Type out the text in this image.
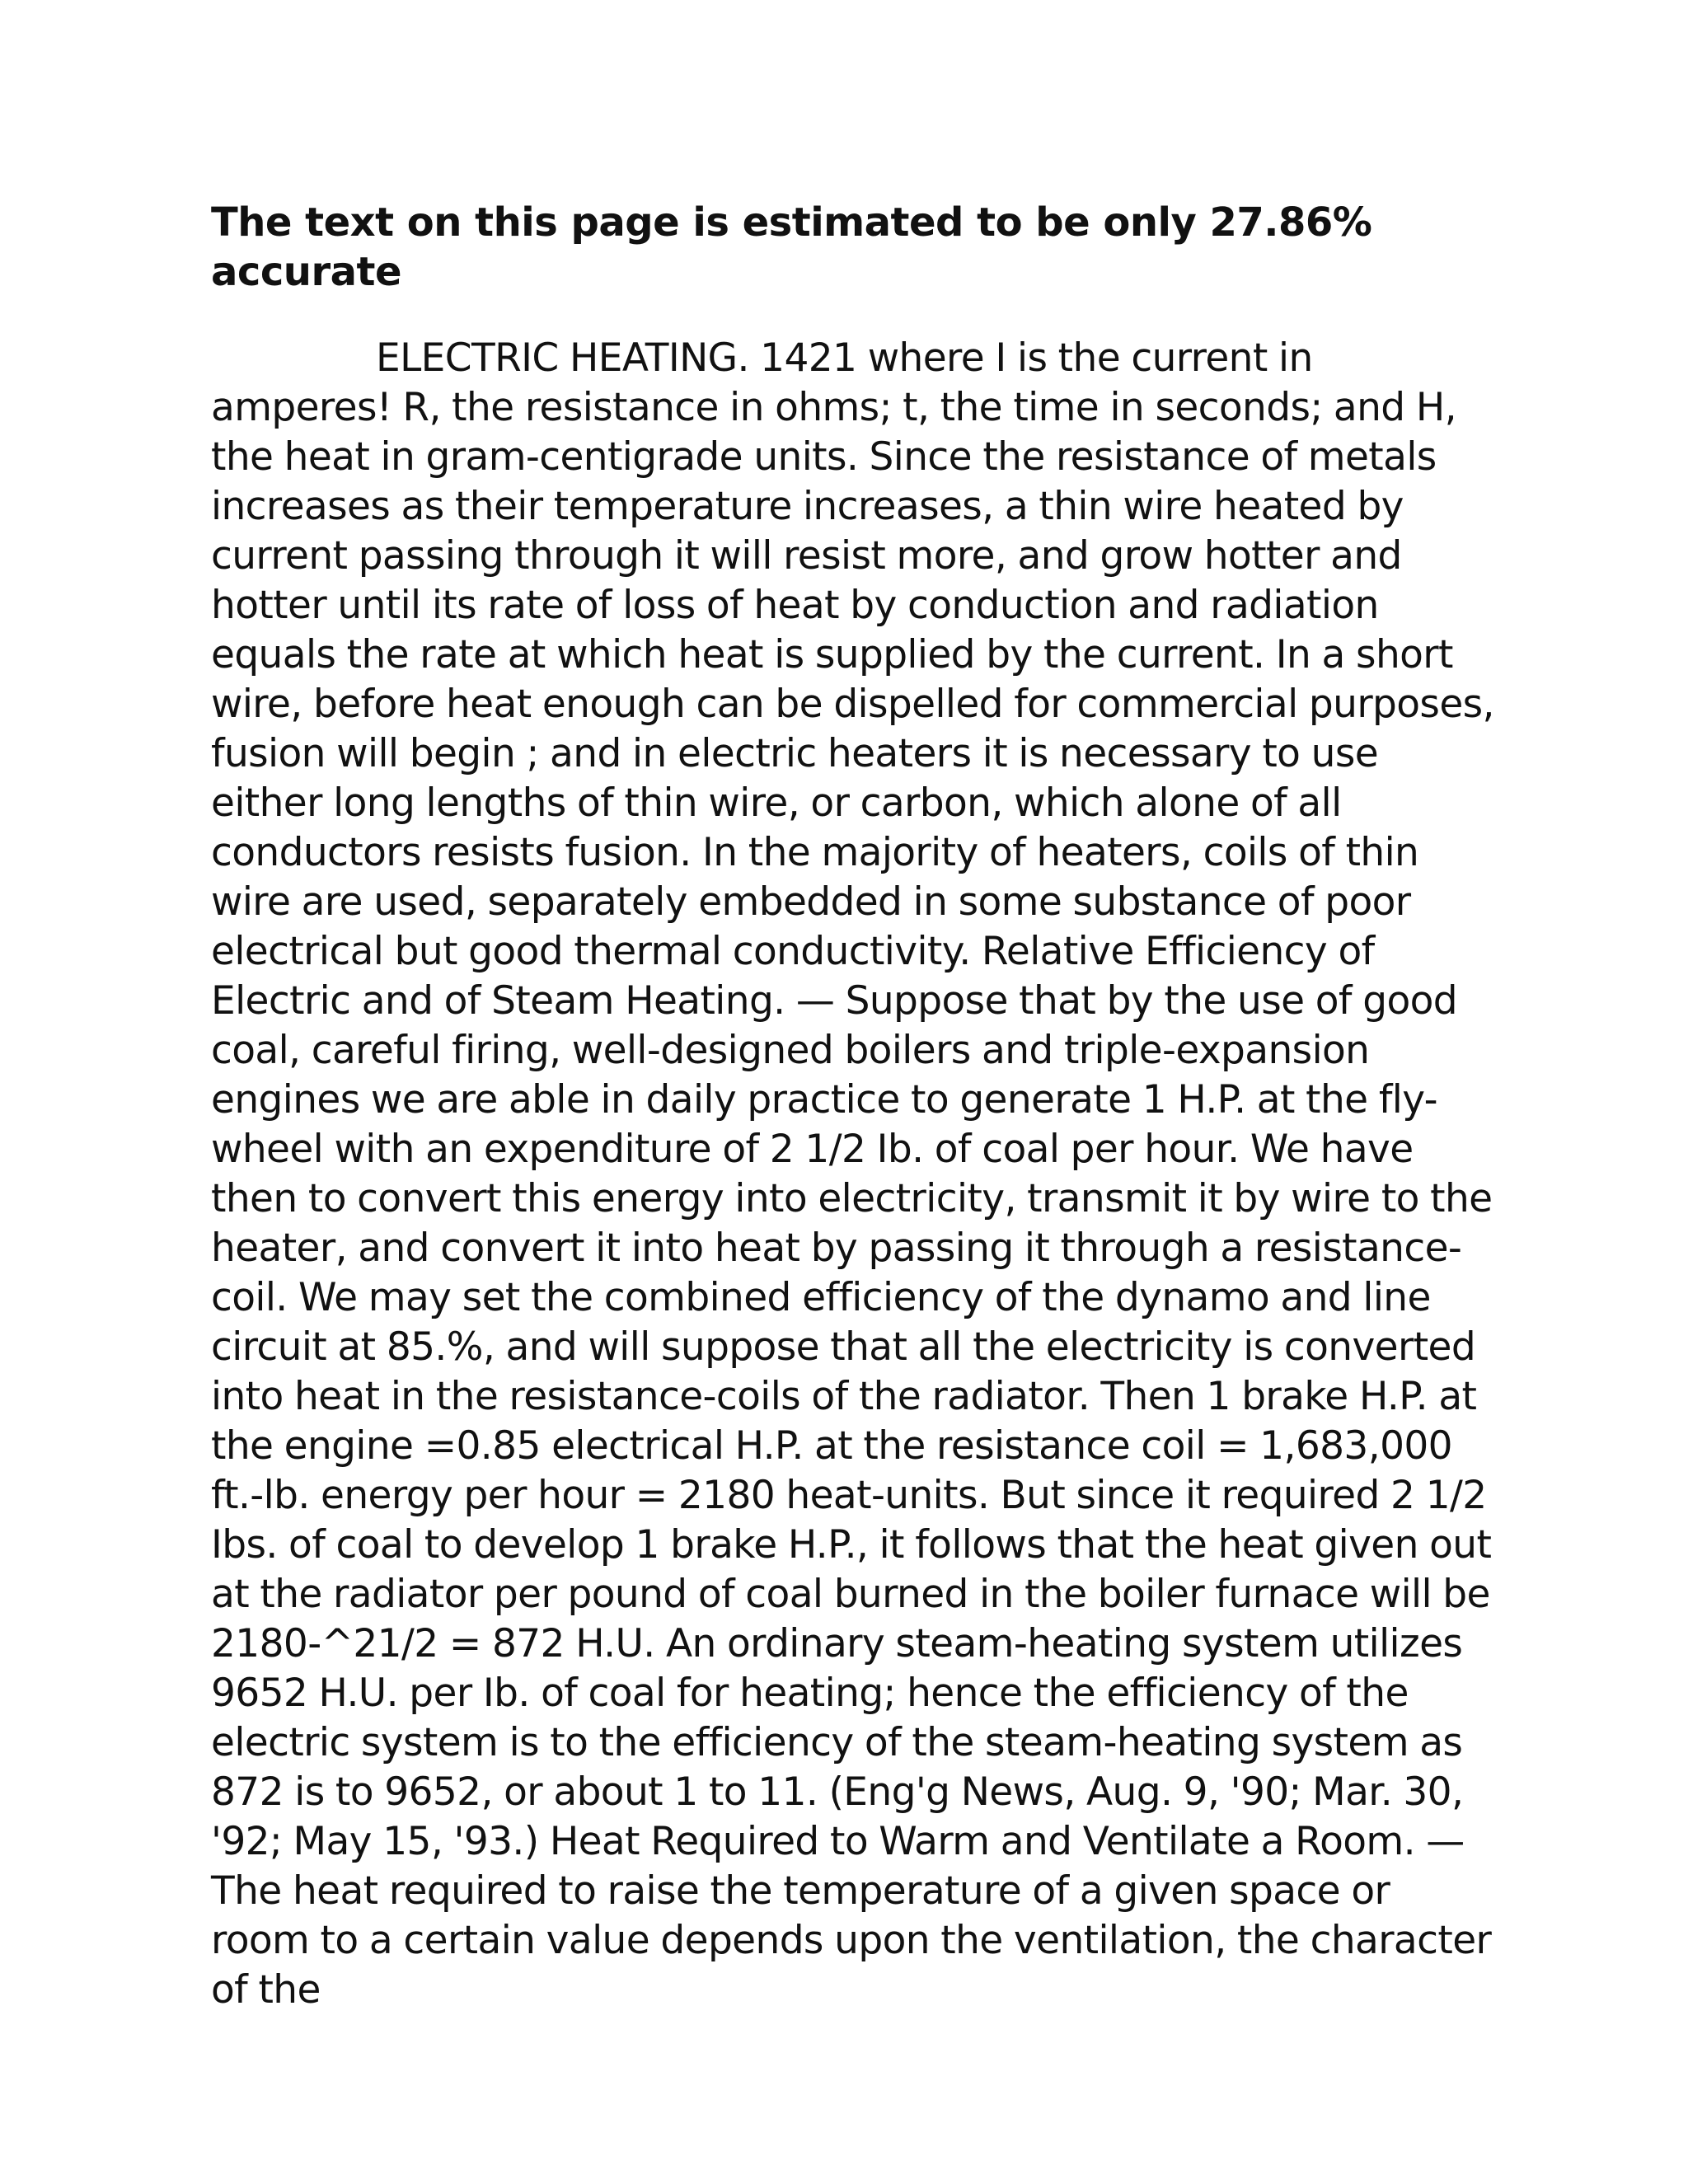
The text on this page is estimated to be only 27.86% accurate

ELECTRIC HEATING. 1421 where I is the current in amperes! R, the resistance in ohms; t, the time in seconds; and H, the heat in gram-centigrade units. Since the resistance of metals increases as their temperature increases, a thin wire heated by current passing through it will resist more, and grow hotter and hotter until its rate of loss of heat by conduction and radiation equals the rate at which heat is supplied by the current. In a short wire, before heat enough can be dispelled for commercial purposes, fusion will begin ; and in electric heaters it is necessary to use either long lengths of thin wire, or carbon, which alone of all conductors resists fusion. In the majority of heaters, coils of thin wire are used, separately embedded in some substance of poor electrical but good thermal conductivity. Relative Efficiency of Electric and of Steam Heating. — Suppose that by the use of good coal, careful firing, well-designed boilers and triple-expansion engines we are able in daily practice to generate 1 H.P. at the fly-wheel with an expenditure of 2 1/2 Ib. of coal per hour. We have then to convert this energy into electricity, transmit it by wire to the heater, and convert it into heat by passing it through a resistance-coil. We may set the combined efficiency of the dynamo and line circuit at 85.%, and will suppose that all the electricity is converted into heat in the resistance-coils of the radiator. Then 1 brake H.P. at the engine =0.85 electrical H.P. at the resistance coil = 1,683,000 ft.-lb. energy per hour = 2180 heat-units. But since it required 2 1/2 Ibs. of coal to develop 1 brake H.P., it follows that the heat given out at the radiator per pound of coal burned in the boiler furnace will be 2180-^21/2 = 872 H.U. An ordinary steam-heating system utilizes 9652 H.U. per Ib. of coal for heating; hence the efficiency of the electric system is to the efficiency of the steam-heating system as 872 is to 9652, or about 1 to 11. (Eng'g News, Aug. 9, '90; Mar. 30, '92; May 15, '93.) Heat Required to Warm and Ventilate a Room. — The heat required to raise the temperature of a given space or room to a certain value depends upon the ventilation, the character of the
